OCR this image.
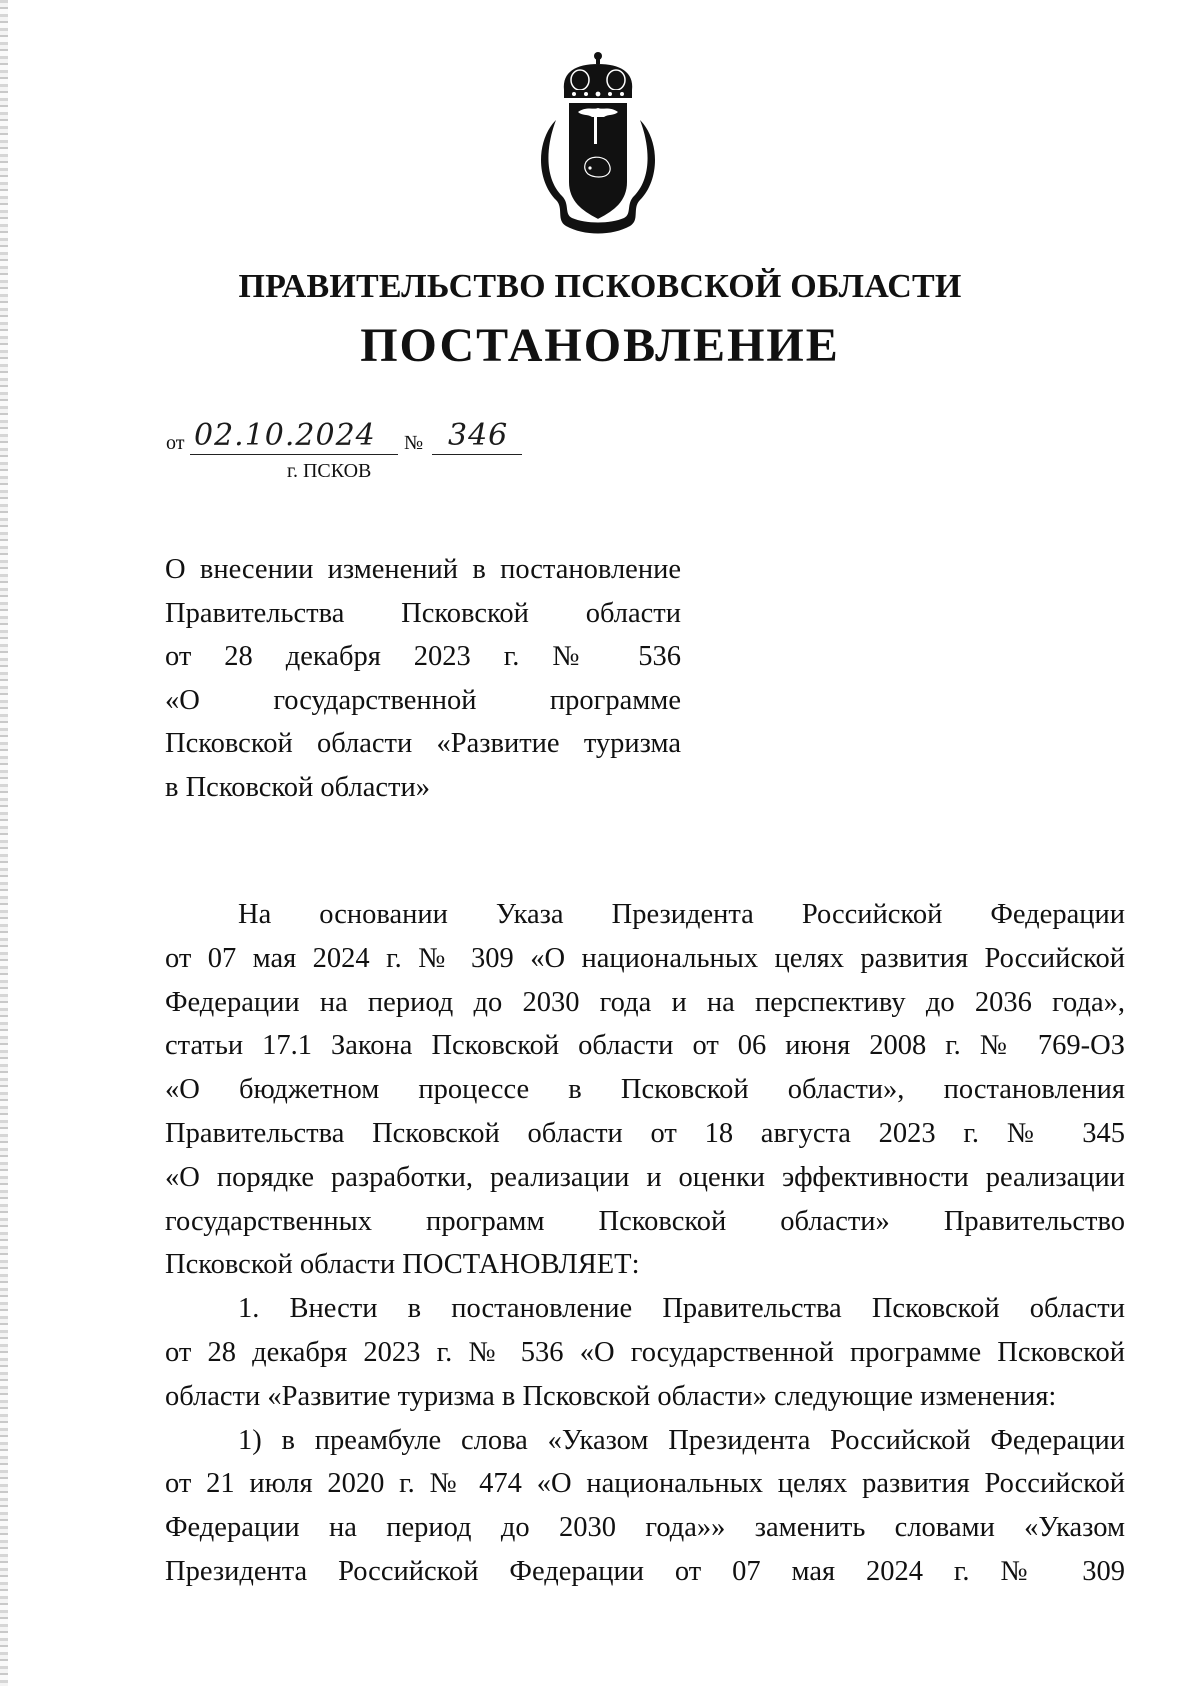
ПРАВИТЕЛЬСТВО ПСКОВСКОЙ ОБЛАСТИ
ПОСТАНОВЛЕНИЕ
от 02.10.2024	№ 346
г. ПСКОВ
О внесении изменений в постановление
Правительства Псковской области
от 28 декабря 2023 г. № 536
«О государственной программе
Псковской области «Развитие туризма
в Псковской области»
На основании Указа Президента Российской Федерации
от 07 мая 2024 г. № 309 «О национальных целях развития Российской
Федерации на период до 2030 года и на перспективу до 2036 года»,
статьи 17.1 Закона Псковской области от 06 июня 2008 г. № 769-ОЗ
«О бюджетном процессе в Псковской области», постановления
Правительства Псковской области от 18 августа 2023 г. № 345
«О порядке разработки, реализации и оценки эффективности реализации
государственных программ Псковской области» Правительство
Псковской области ПОСТАНОВЛЯЕТ:
1. Внести в постановление Правительства Псковской области
от 28 декабря 2023 г. № 536 «О государственной программе Псковской
области «Развитие туризма в Псковской области» следующие изменения:
1) в преамбуле слова «Указом Президента Российской Федерации
от 21 июля 2020 г. № 474 «О национальных целях развития Российской
Федерации на период до 2030 года»» заменить словами «Указом
Президента Российской Федерации от 07 мая 2024 г. № 309
